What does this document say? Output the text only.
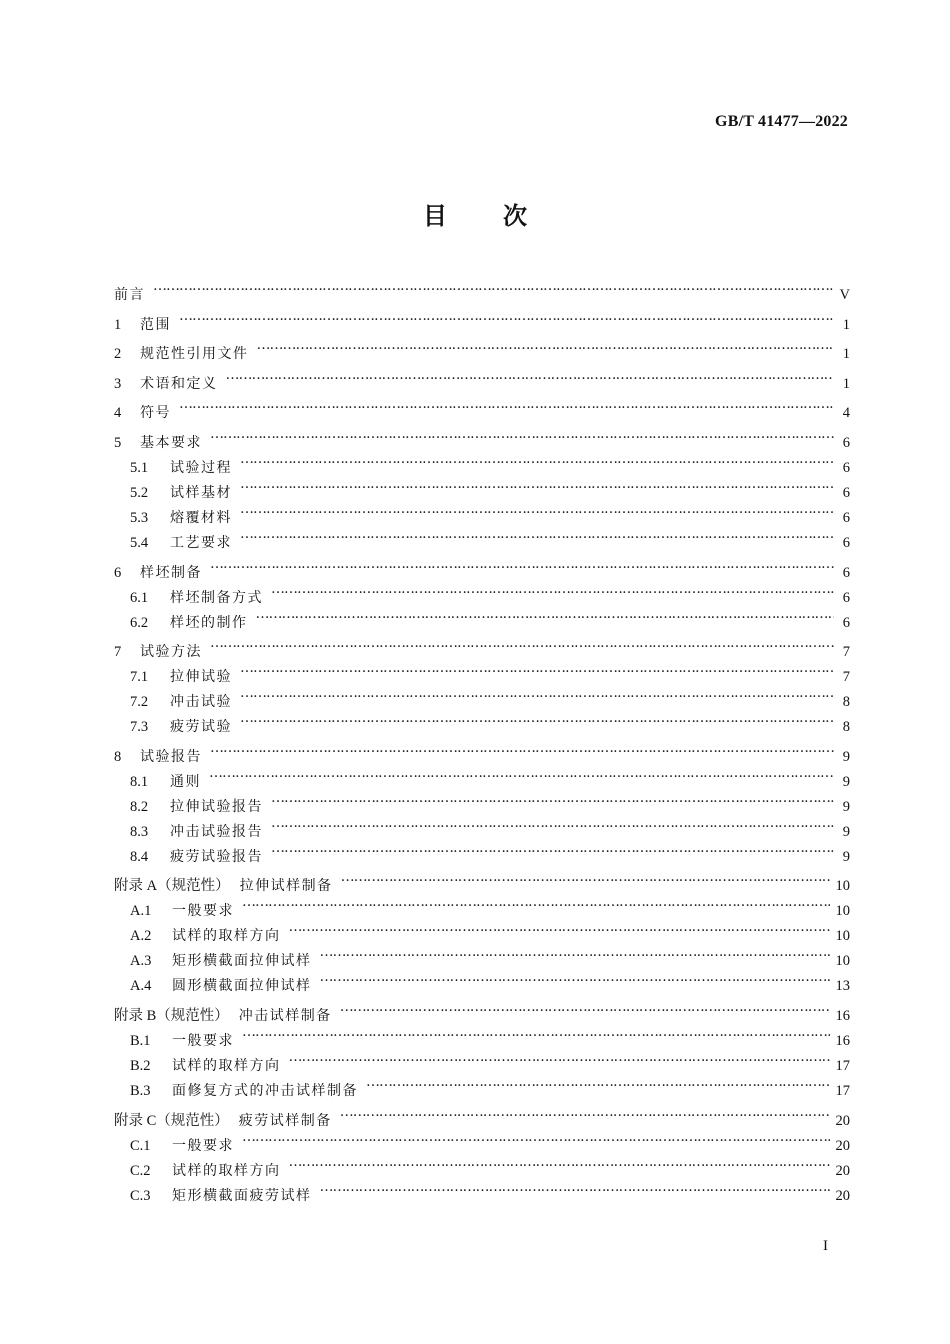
GB/T 41477—2022
目次
前言 …………………………………………………………………………………………………………………………………………………………………………………………………………………………………………	V
1	范围 …………………………………………………………………………………………………………………………………………………………………………………………………………………………………………	1
2	规范性引用文件 …………………………………………………………………………………………………………………………………………………………………………………………………………………………………………	1
3	术语和定义 …………………………………………………………………………………………………………………………………………………………………………………………………………………………………………	1
4	符号 …………………………………………………………………………………………………………………………………………………………………………………………………………………………………………	4
5	基本要求 …………………………………………………………………………………………………………………………………………………………………………………………………………………………………………	6
5.1	试验过程 …………………………………………………………………………………………………………………………………………………………………………………………………………………………………………	6
5.2	试样基材 …………………………………………………………………………………………………………………………………………………………………………………………………………………………………………	6
5.3	熔覆材料 …………………………………………………………………………………………………………………………………………………………………………………………………………………………………………	6
5.4	工艺要求 …………………………………………………………………………………………………………………………………………………………………………………………………………………………………………	6
6	样坯制备 …………………………………………………………………………………………………………………………………………………………………………………………………………………………………………	6
6.1	样坯制备方式 …………………………………………………………………………………………………………………………………………………………………………………………………………………………………………	6
6.2	样坯的制作 …………………………………………………………………………………………………………………………………………………………………………………………………………………………………………	6
7	试验方法 …………………………………………………………………………………………………………………………………………………………………………………………………………………………………………	7
7.1	拉伸试验 …………………………………………………………………………………………………………………………………………………………………………………………………………………………………………	7
7.2	冲击试验 …………………………………………………………………………………………………………………………………………………………………………………………………………………………………………	8
7.3	疲劳试验 …………………………………………………………………………………………………………………………………………………………………………………………………………………………………………	8
8	试验报告 …………………………………………………………………………………………………………………………………………………………………………………………………………………………………………	9
8.1	通则 …………………………………………………………………………………………………………………………………………………………………………………………………………………………………………	9
8.2	拉伸试验报告 …………………………………………………………………………………………………………………………………………………………………………………………………………………………………………	9
8.3	冲击试验报告 …………………………………………………………………………………………………………………………………………………………………………………………………………………………………………	9
8.4	疲劳试验报告 …………………………………………………………………………………………………………………………………………………………………………………………………………………………………………	9
附录 A（规范性） 拉伸试样制备 …………………………………………………………………………………………………………………………………………………………………………………………………………………………………………	10
A.1	一般要求 …………………………………………………………………………………………………………………………………………………………………………………………………………………………………………	10
A.2	试样的取样方向 …………………………………………………………………………………………………………………………………………………………………………………………………………………………………………	10
A.3	矩形横截面拉伸试样 …………………………………………………………………………………………………………………………………………………………………………………………………………………………………………	10
A.4	圆形横截面拉伸试样 …………………………………………………………………………………………………………………………………………………………………………………………………………………………………………	13
附录 B（规范性） 冲击试样制备 …………………………………………………………………………………………………………………………………………………………………………………………………………………………………………	16
B.1	一般要求 …………………………………………………………………………………………………………………………………………………………………………………………………………………………………………	16
B.2	试样的取样方向 …………………………………………………………………………………………………………………………………………………………………………………………………………………………………………	17
B.3	面修复方式的冲击试样制备 …………………………………………………………………………………………………………………………………………………………………………………………………………………………………………	17
附录 C（规范性） 疲劳试样制备 …………………………………………………………………………………………………………………………………………………………………………………………………………………………………………	20
C.1	一般要求 …………………………………………………………………………………………………………………………………………………………………………………………………………………………………………	20
C.2	试样的取样方向 …………………………………………………………………………………………………………………………………………………………………………………………………………………………………………	20
C.3	矩形横截面疲劳试样 …………………………………………………………………………………………………………………………………………………………………………………………………………………………………………	20
I
